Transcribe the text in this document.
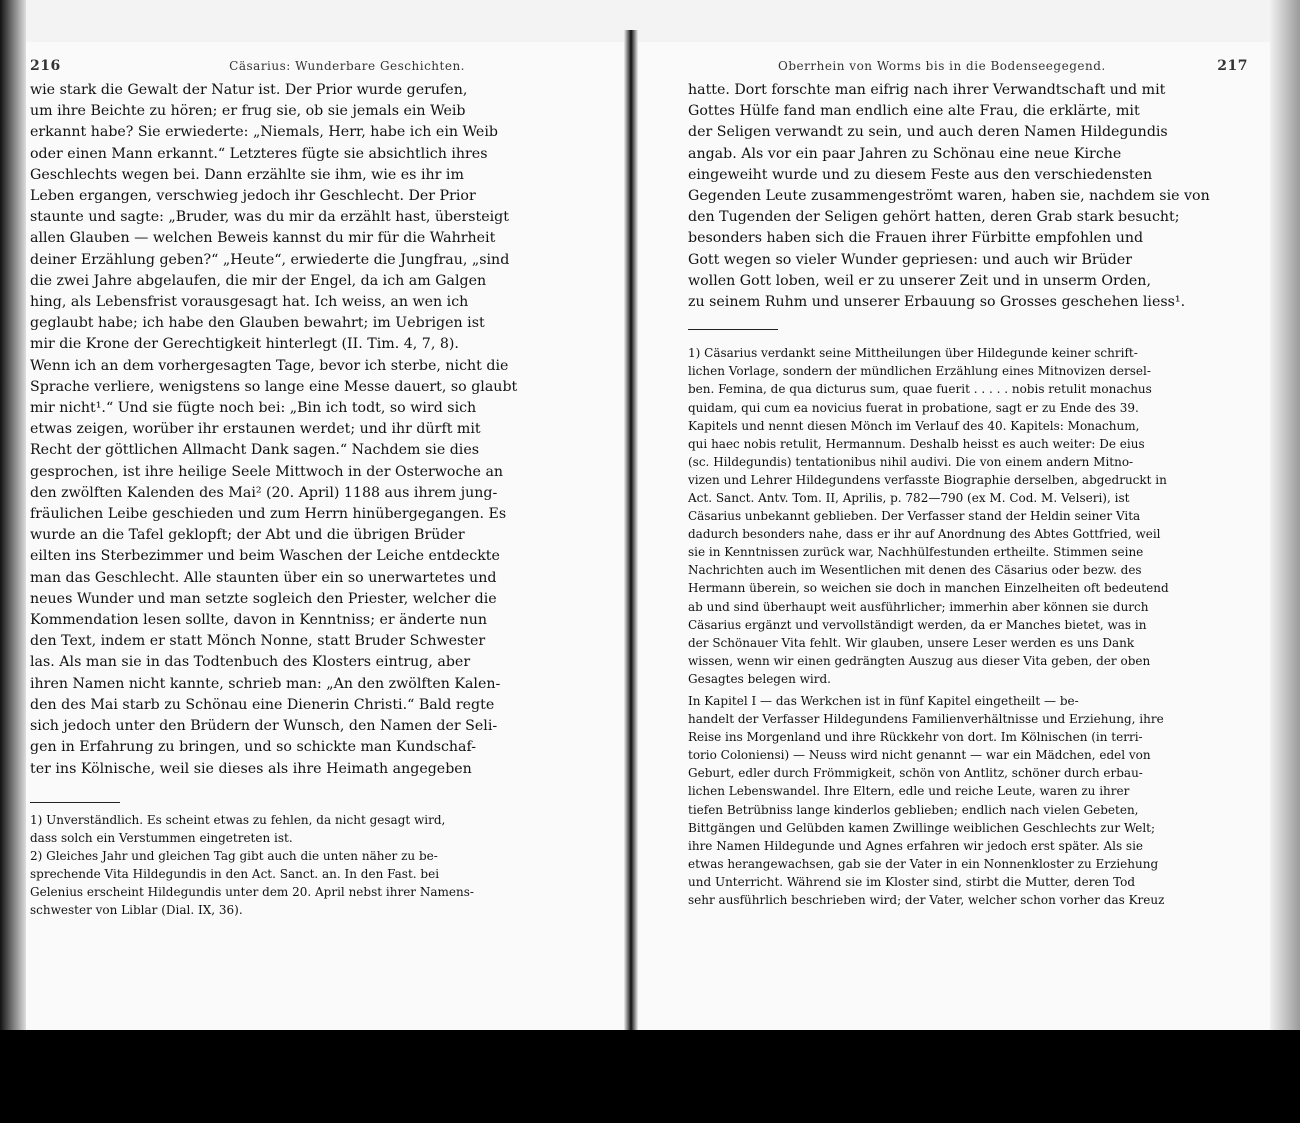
216	Cäsarius: Wunderbare Geschichten.

wie stark die Gewalt der Natur ist. Der Prior wurde gerufen,
um ihre Beichte zu hören; er frug sie, ob sie jemals ein Weib
erkannt habe? Sie erwiederte: „Niemals, Herr, habe ich ein Weib
oder einen Mann erkannt.“ Letzteres fügte sie absichtlich ihres
Geschlechts wegen bei. Dann erzählte sie ihm, wie es ihr im
Leben ergangen, verschwieg jedoch ihr Geschlecht. Der Prior
staunte und sagte: „Bruder, was du mir da erzählt hast, übersteigt
allen Glauben — welchen Beweis kannst du mir für die Wahrheit
deiner Erzählung geben?“ „Heute“, erwiederte die Jungfrau, „sind
die zwei Jahre abgelaufen, die mir der Engel, da ich am Galgen
hing, als Lebensfrist vorausgesagt hat. Ich weiss, an wen ich
geglaubt habe; ich habe den Glauben bewahrt; im Uebrigen ist
mir die Krone der Gerechtigkeit hinterlegt (II. Tim. 4, 7, 8).
Wenn ich an dem vorhergesagten Tage, bevor ich sterbe, nicht die
Sprache verliere, wenigstens so lange eine Messe dauert, so glaubt
mir nicht¹.“ Und sie fügte noch bei: „Bin ich todt, so wird sich
etwas zeigen, worüber ihr erstaunen werdet; und ihr dürft mit
Recht der göttlichen Allmacht Dank sagen.“ Nachdem sie dies
gesprochen, ist ihre heilige Seele Mittwoch in der Osterwoche an
den zwölften Kalenden des Mai² (20. April) 1188 aus ihrem jung-
fräulichen Leibe geschieden und zum Herrn hinübergegangen. Es
wurde an die Tafel geklopft; der Abt und die übrigen Brüder
eilten ins Sterbezimmer und beim Waschen der Leiche entdeckte
man das Geschlecht. Alle staunten über ein so unerwartetes und
neues Wunder und man setzte sogleich den Priester, welcher die
Kommendation lesen sollte, davon in Kenntniss; er änderte nun
den Text, indem er statt Mönch Nonne, statt Bruder Schwester
las. Als man sie in das Todtenbuch des Klosters eintrug, aber
ihren Namen nicht kannte, schrieb man: „An den zwölften Kalen-
den des Mai starb zu Schönau eine Dienerin Christi.“ Bald regte
sich jedoch unter den Brüdern der Wunsch, den Namen der Seli-
gen in Erfahrung zu bringen, und so schickte man Kundschaf-
ter ins Kölnische, weil sie dieses als ihre Heimath angegeben

1) Unverständlich. Es scheint etwas zu fehlen, da nicht gesagt wird,
dass solch ein Verstummen eingetreten ist.
2) Gleiches Jahr und gleichen Tag gibt auch die unten näher zu be-
sprechende Vita Hildegundis in den Act. Sanct. an. In den Fast. bei
Gelenius erscheint Hildegundis unter dem 20. April nebst ihrer Namens-
schwester von Liblar (Dial. IX, 36).

Oberrhein von Worms bis in die Bodenseegegend.	217

hatte. Dort forschte man eifrig nach ihrer Verwandtschaft und mit
Gottes Hülfe fand man endlich eine alte Frau, die erklärte, mit
der Seligen verwandt zu sein, und auch deren Namen Hildegundis
angab. Als vor ein paar Jahren zu Schönau eine neue Kirche
eingeweiht wurde und zu diesem Feste aus den verschiedensten
Gegenden Leute zusammengeströmt waren, haben sie, nachdem sie von
den Tugenden der Seligen gehört hatten, deren Grab stark besucht;
besonders haben sich die Frauen ihrer Fürbitte empfohlen und
Gott wegen so vieler Wunder gepriesen: und auch wir Brüder
wollen Gott loben, weil er zu unserer Zeit und in unserm Orden,
zu seinem Ruhm und unserer Erbauung so Grosses geschehen liess¹.

1) Cäsarius verdankt seine Mittheilungen über Hildegunde keiner schrift-
lichen Vorlage, sondern der mündlichen Erzählung eines Mitnovizen dersel-
ben. Femina, de qua dicturus sum, quae fuerit . . . . . nobis retulit monachus
quidam, qui cum ea novicius fuerat in probatione, sagt er zu Ende des 39.
Kapitels und nennt diesen Mönch im Verlauf des 40. Kapitels: Monachum,
qui haec nobis retulit, Hermannum. Deshalb heisst es auch weiter: De eius
(sc. Hildegundis) tentationibus nihil audivi. Die von einem andern Mitno-
vizen und Lehrer Hildegundens verfasste Biographie derselben, abgedruckt in
Act. Sanct. Antv. Tom. II, Aprilis, p. 782—790 (ex M. Cod. M. Velseri), ist
Cäsarius unbekannt geblieben. Der Verfasser stand der Heldin seiner Vita
dadurch besonders nahe, dass er ihr auf Anordnung des Abtes Gottfried, weil
sie in Kenntnissen zurück war, Nachhülfestunden ertheilte. Stimmen seine
Nachrichten auch im Wesentlichen mit denen des Cäsarius oder bezw. des
Hermann überein, so weichen sie doch in manchen Einzelheiten oft bedeutend
ab und sind überhaupt weit ausführlicher; immerhin aber können sie durch
Cäsarius ergänzt und vervollständigt werden, da er Manches bietet, was in
der Schönauer Vita fehlt. Wir glauben, unsere Leser werden es uns Dank
wissen, wenn wir einen gedrängten Auszug aus dieser Vita geben, der oben
Gesagtes belegen wird.

In Kapitel I — das Werkchen ist in fünf Kapitel eingetheilt — be-
handelt der Verfasser Hildegundens Familienverhältnisse und Erziehung, ihre
Reise ins Morgenland und ihre Rückkehr von dort. Im Kölnischen (in terri-
torio Coloniensi) — Neuss wird nicht genannt — war ein Mädchen, edel von
Geburt, edler durch Frömmigkeit, schön von Antlitz, schöner durch erbau-
lichen Lebenswandel. Ihre Eltern, edle und reiche Leute, waren zu ihrer
tiefen Betrübniss lange kinderlos geblieben; endlich nach vielen Gebeten,
Bittgängen und Gelübden kamen Zwillinge weiblichen Geschlechts zur Welt;
ihre Namen Hildegunde und Agnes erfahren wir jedoch erst später. Als sie
etwas herangewachsen, gab sie der Vater in ein Nonnenkloster zu Erziehung
und Unterricht. Während sie im Kloster sind, stirbt die Mutter, deren Tod
sehr ausführlich beschrieben wird; der Vater, welcher schon vorher das Kreuz
